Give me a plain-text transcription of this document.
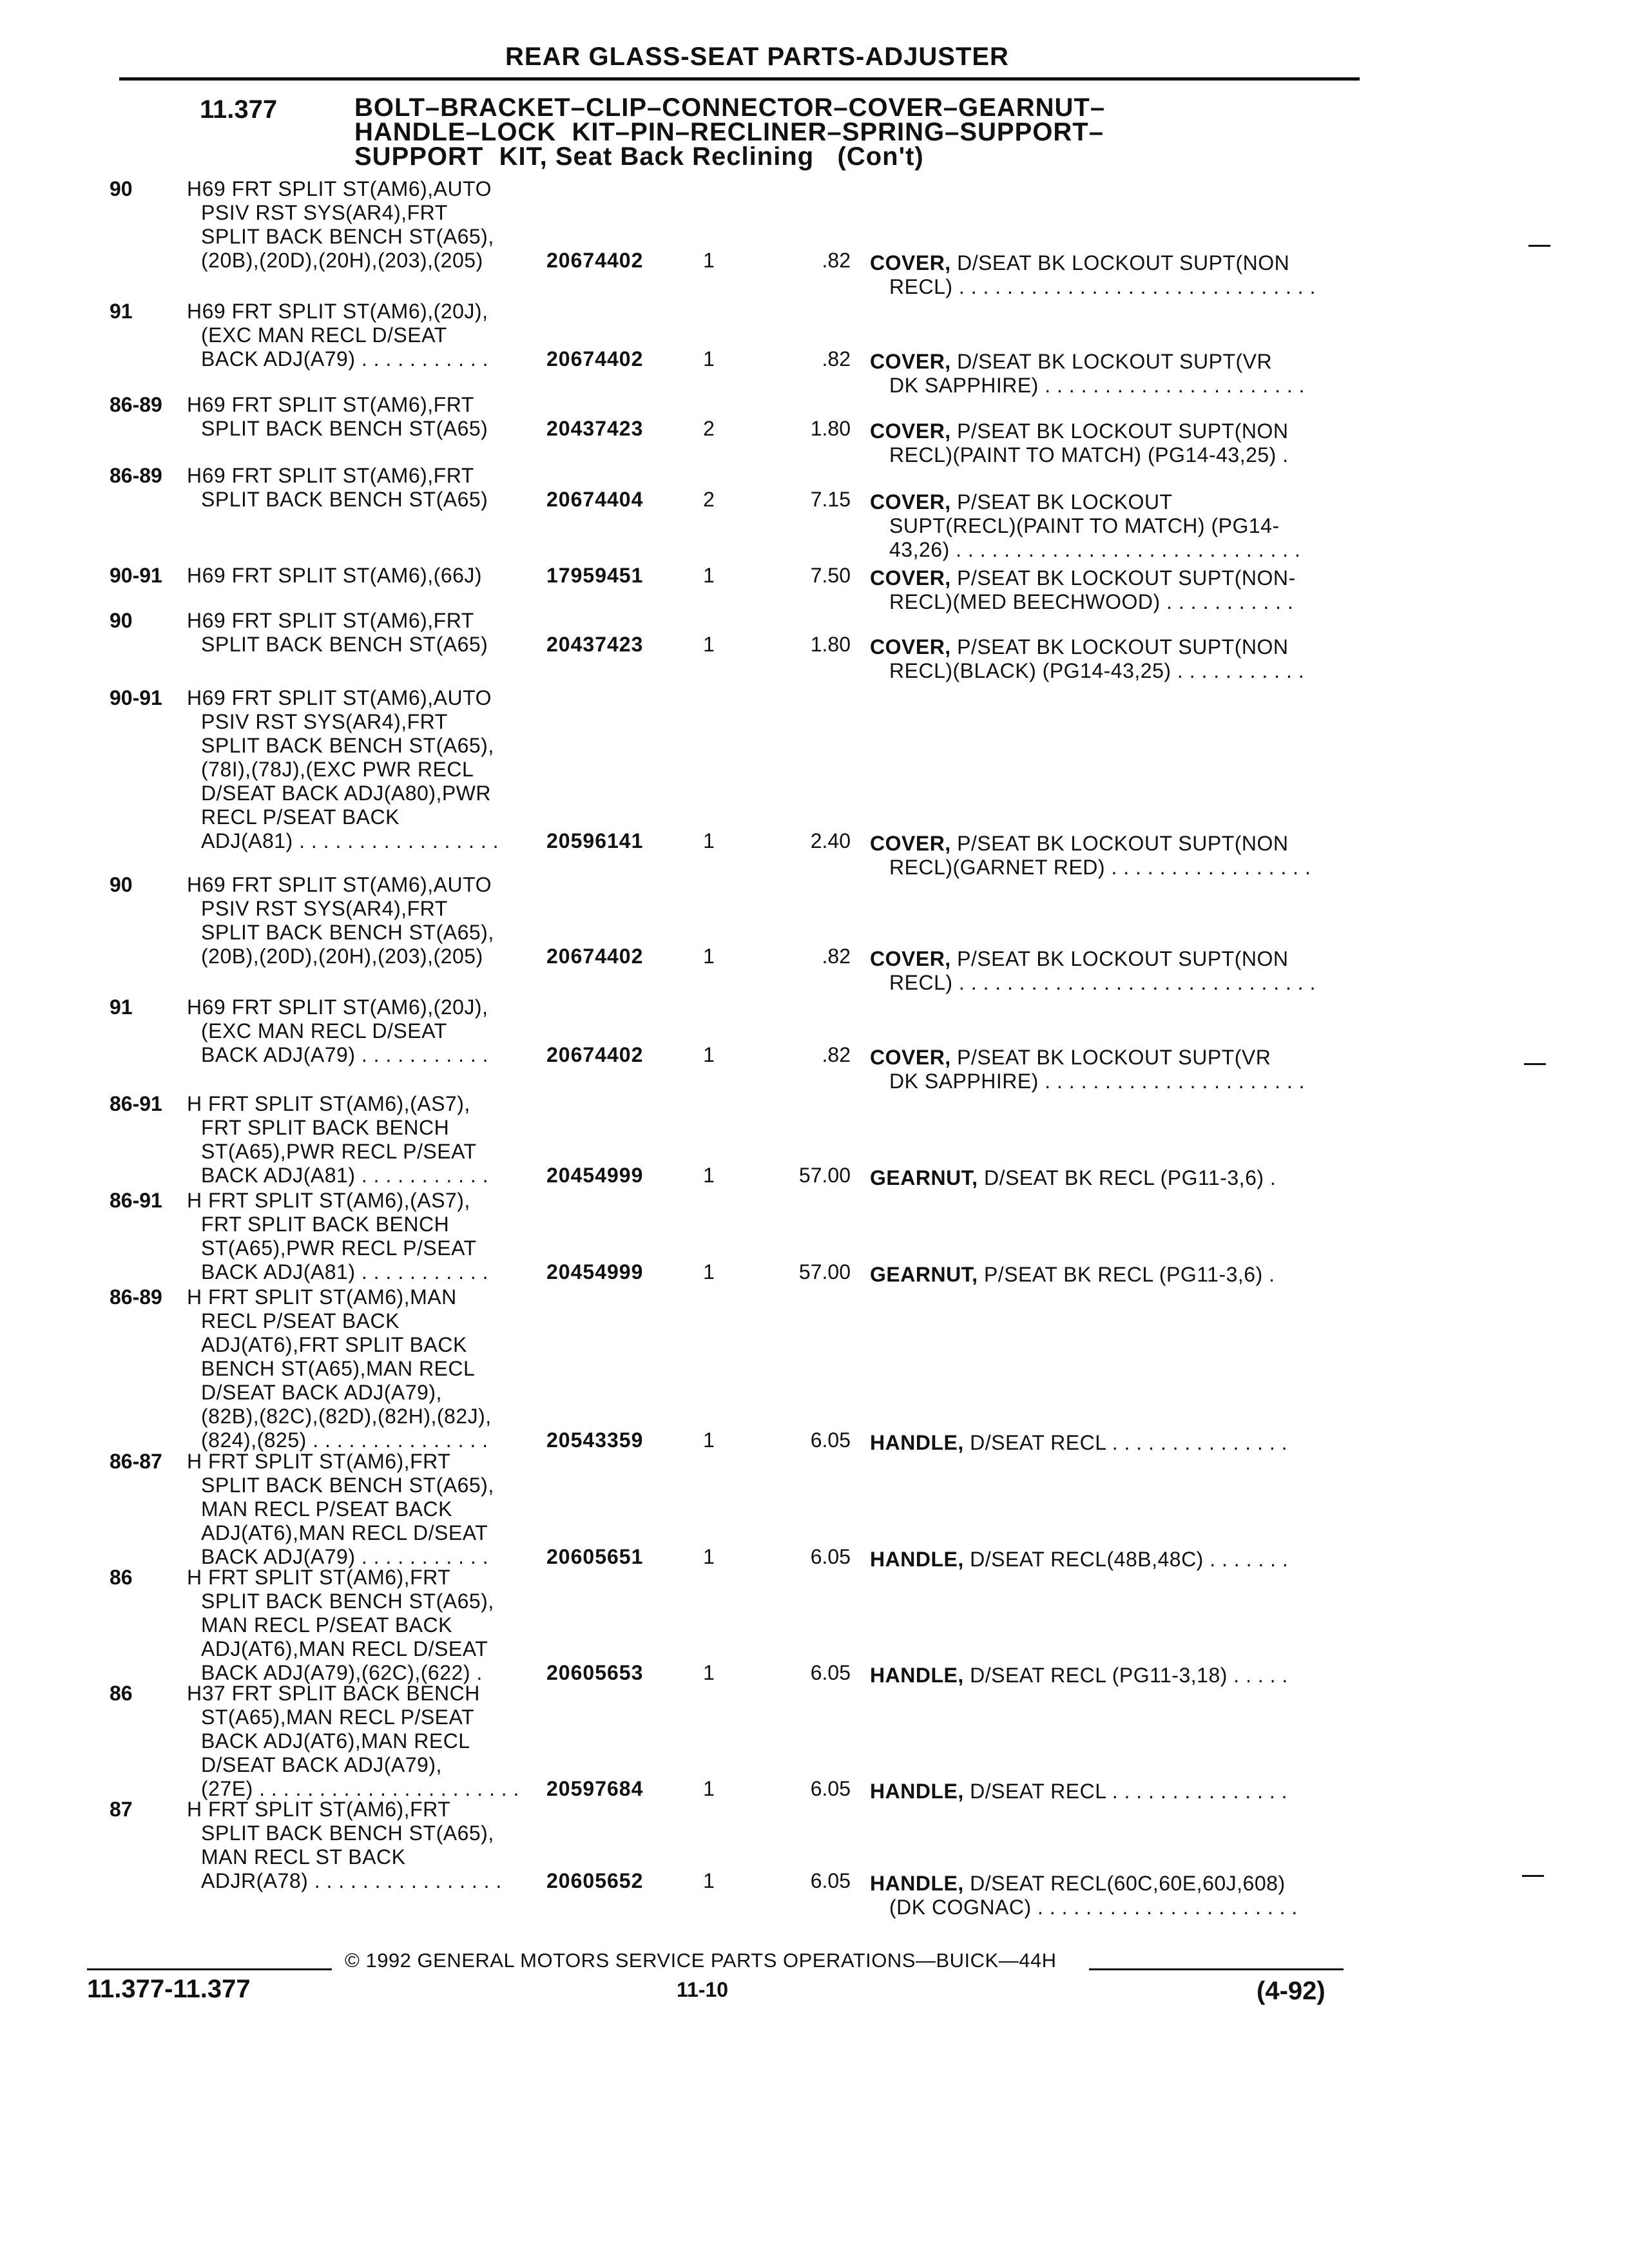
REAR GLASS-SEAT PARTS-ADJUSTER
11.377	BOLT–BRACKET–CLIP–CONNECTOR–COVER–GEARNUT–
HANDLE–LOCK  KIT–PIN–RECLINER–SPRING–SUPPORT–
SUPPORT  KIT, Seat Back Reclining   (Con't)
90	H69 FRT SPLIT ST(AM6),AUTO
PSIV RST SYS(AR4),FRT
SPLIT BACK BENCH ST(A65),
(20B),(20D),(20H),(203),(205)	20674402	1	.82 COVER, D/SEAT BK LOCKOUT SUPT(NON
RECL) . . . . . . . . . . . . . . . . . . . . . . . . . . . . . .
91	H69 FRT SPLIT ST(AM6),(20J),
(EXC MAN RECL D/SEAT
BACK ADJ(A79) . . . . . . . . . . .	20674402	1	.82 COVER, D/SEAT BK LOCKOUT SUPT(VR
DK SAPPHIRE) . . . . . . . . . . . . . . . . . . . . . .
86-89	H69 FRT SPLIT ST(AM6),FRT
SPLIT BACK BENCH ST(A65)	20437423	2	1.80 COVER, P/SEAT BK LOCKOUT SUPT(NON
RECL)(PAINT TO MATCH) (PG14-43,25) .
86-89	H69 FRT SPLIT ST(AM6),FRT
SPLIT BACK BENCH ST(A65)	20674404	2	7.15 COVER, P/SEAT BK LOCKOUT
SUPT(RECL)(PAINT TO MATCH) (PG14-
43,26) . . . . . . . . . . . . . . . . . . . . . . . . . . . . .
90-91	H69 FRT SPLIT ST(AM6),(66J)	17959451	1	7.50 COVER, P/SEAT BK LOCKOUT SUPT(NON-
RECL)(MED BEECHWOOD) . . . . . . . . . . .
90	H69 FRT SPLIT ST(AM6),FRT
SPLIT BACK BENCH ST(A65)	20437423	1	1.80 COVER, P/SEAT BK LOCKOUT SUPT(NON
RECL)(BLACK) (PG14-43,25) . . . . . . . . . . .
90-91	H69 FRT SPLIT ST(AM6),AUTO
PSIV RST SYS(AR4),FRT
SPLIT BACK BENCH ST(A65),
(78I),(78J),(EXC PWR RECL
D/SEAT BACK ADJ(A80),PWR
RECL P/SEAT BACK
ADJ(A81) . . . . . . . . . . . . . . . . .	20596141	1	2.40 COVER, P/SEAT BK LOCKOUT SUPT(NON
RECL)(GARNET RED) . . . . . . . . . . . . . . . . .
90	H69 FRT SPLIT ST(AM6),AUTO
PSIV RST SYS(AR4),FRT
SPLIT BACK BENCH ST(A65),
(20B),(20D),(20H),(203),(205)	20674402	1	.82 COVER, P/SEAT BK LOCKOUT SUPT(NON
RECL) . . . . . . . . . . . . . . . . . . . . . . . . . . . . . .
91	H69 FRT SPLIT ST(AM6),(20J),
(EXC MAN RECL D/SEAT
BACK ADJ(A79) . . . . . . . . . . .	20674402	1	.82 COVER, P/SEAT BK LOCKOUT SUPT(VR
DK SAPPHIRE) . . . . . . . . . . . . . . . . . . . . . .
86-91	H FRT SPLIT ST(AM6),(AS7),
FRT SPLIT BACK BENCH
ST(A65),PWR RECL P/SEAT
BACK ADJ(A81) . . . . . . . . . . .	20454999	1	57.00 GEARNUT, D/SEAT BK RECL (PG11-3,6) .
86-91	H FRT SPLIT ST(AM6),(AS7),
FRT SPLIT BACK BENCH
ST(A65),PWR RECL P/SEAT
BACK ADJ(A81) . . . . . . . . . . .	20454999	1	57.00 GEARNUT, P/SEAT BK RECL (PG11-3,6) .
86-89	H FRT SPLIT ST(AM6),MAN
RECL P/SEAT BACK
ADJ(AT6),FRT SPLIT BACK
BENCH ST(A65),MAN RECL
D/SEAT BACK ADJ(A79),
(82B),(82C),(82D),(82H),(82J),
(824),(825) . . . . . . . . . . . . . . .	20543359	1	6.05 HANDLE, D/SEAT RECL . . . . . . . . . . . . . . .
86-87	H FRT SPLIT ST(AM6),FRT
SPLIT BACK BENCH ST(A65),
MAN RECL P/SEAT BACK
ADJ(AT6),MAN RECL D/SEAT
BACK ADJ(A79) . . . . . . . . . . .	20605651	1	6.05 HANDLE, D/SEAT RECL(48B,48C) . . . . . . .
86	H FRT SPLIT ST(AM6),FRT
SPLIT BACK BENCH ST(A65),
MAN RECL P/SEAT BACK
ADJ(AT6),MAN RECL D/SEAT
BACK ADJ(A79),(62C),(622) .	20605653	1	6.05 HANDLE, D/SEAT RECL (PG11-3,18) . . . . .
86	H37 FRT SPLIT BACK BENCH
ST(A65),MAN RECL P/SEAT
BACK ADJ(AT6),MAN RECL
D/SEAT BACK ADJ(A79),
(27E) . . . . . . . . . . . . . . . . . . . . . .	20597684	1	6.05 HANDLE, D/SEAT RECL . . . . . . . . . . . . . . .
87	H FRT SPLIT ST(AM6),FRT
SPLIT BACK BENCH ST(A65),
MAN RECL ST BACK
ADJR(A78) . . . . . . . . . . . . . . . .	20605652	1	6.05 HANDLE, D/SEAT RECL(60C,60E,60J,608)
(DK COGNAC) . . . . . . . . . . . . . . . . . . . . . .
© 1992 GENERAL MOTORS SERVICE PARTS OPERATIONS—BUICK—44H
11.377-11.377	11-10	(4-92)
